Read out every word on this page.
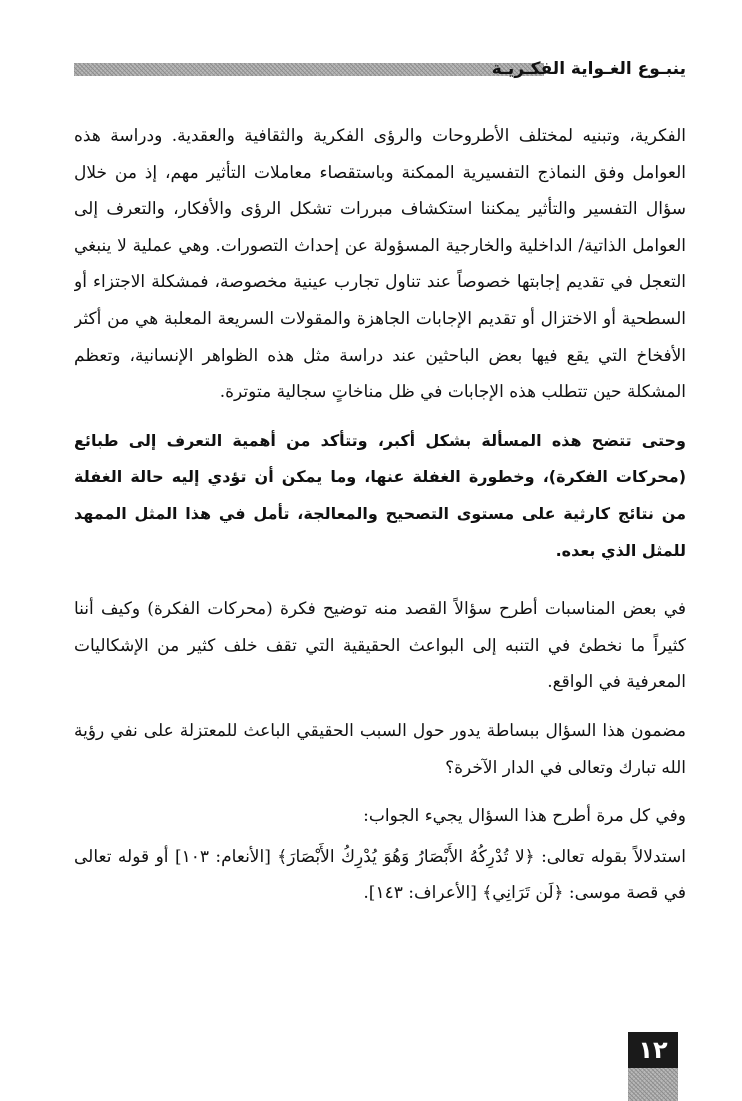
ينبـوع الغـواية الفكـريـة

الفكرية، وتبنيه لمختلف الأطروحات والرؤى الفكرية والثقافية والعقدية. ودراسة هذه العوامل وفق النماذج التفسيرية الممكنة وباستقصاء معاملات التأثير مهم، إذ من خلال سؤال التفسير والتأثير يمكننا استكشاف مبررات تشكل الرؤى والأفكار، والتعرف إلى العوامل الذاتية/ الداخلية والخارجية المسؤولة عن إحداث التصورات. وهي عملية لا ينبغي التعجل في تقديم إجابتها خصوصاً عند تناول تجارب عينية مخصوصة، فمشكلة الاجتزاء أو السطحية أو الاختزال أو تقديم الإجابات الجاهزة والمقولات السريعة المعلبة هي من أكثر الأفخاخ التي يقع فيها بعض الباحثين عند دراسة مثل هذه الظواهر الإنسانية، وتعظم المشكلة حين تتطلب هذه الإجابات في ظل مناخاتٍ سجالية متوترة.

وحتى تتضح هذه المسألة بشكل أكبر، وتتأكد من أهمية التعرف إلى طبائع (محركات الفكرة)، وخطورة الغفلة عنها، وما يمكن أن تؤدي إليه حالة الغفلة من نتائج كارثية على مستوى التصحيح والمعالجة، تأمل في هذا المثل الممهد للمثل الذي بعده.

في بعض المناسبات أطرح سؤالاً القصد منه توضيح فكرة (محركات الفكرة) وكيف أننا كثيراً ما نخطئ في التنبه إلى البواعث الحقيقية التي تقف خلف كثير من الإشكاليات المعرفية في الواقع.

مضمون هذا السؤال ببساطة يدور حول السبب الحقيقي الباعث للمعتزلة على نفي رؤية الله تبارك وتعالى في الدار الآخرة؟

وفي كل مرة أطرح هذا السؤال يجيء الجواب:

استدلالاً بقوله تعالى: ﴿لا تُدْرِكُهُ الأَبْصَارُ وَهُوَ يُدْرِكُ الأَبْصَارَ﴾ [الأنعام: ١٠٣] أو قوله تعالى في قصة موسى: ﴿لَن تَرَانِي﴾ [الأعراف: ١٤٣].

١٢
